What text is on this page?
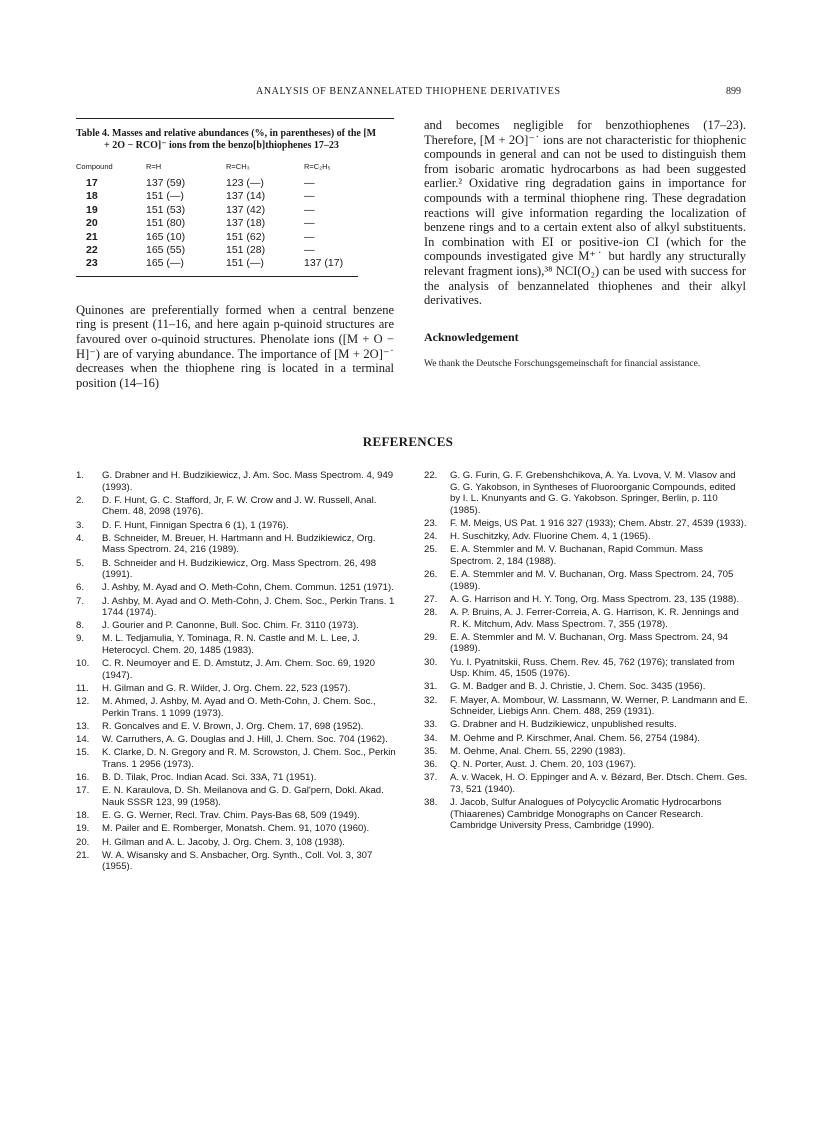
ANALYSIS OF BENZANNELATED THIOPHENE DERIVATIVES	899
Table 4. Masses and relative abundances (%, in parentheses) of the [M + 2O − RCO]⁻ ions from the benzo[b]thiophenes 17–23
Compound	R=H	R=CH₃	R=C₂H₅
17	137 (59)	123 (—)	—
18	151 (—)	137 (14)	—
19	151 (53)	137 (42)	—
20	151 (80)	137 (18)	—
21	165 (10)	151 (62)	—
22	165 (55)	151 (28)	—
23	165 (—)	151 (—)	137 (17)

Quinones are preferentially formed when a central benzene ring is present (11–16, and here again p-quinoid structures are favoured over o-quinoid structures. Phenolate ions ([M + O − H]⁻) are of varying abundance. The importance of [M + 2O]⁻˙ decreases when the thiophene ring is located in a terminal position (14–16)

and becomes negligible for benzothiophenes (17–23). Therefore, [M + 2O]⁻˙ ions are not characteristic for thiophenic compounds in general and can not be used to distinguish them from isobaric aromatic hydrocarbons as had been suggested earlier.² Oxidative ring degradation gains in importance for compounds with a terminal thiophene ring. These degradation reactions will give information regarding the localization of benzene rings and to a certain extent also of alkyl substituents. In combination with EI or positive-ion CI (which for the compounds investigated give M⁺˙ but hardly any structurally relevant fragment ions),³⁸ NCI(O₂) can be used with success for the analysis of benzannelated thiophenes and their alkyl derivatives.

Acknowledgement
We thank the Deutsche Forschungsgemeinschaft for financial assistance.
REFERENCES
1.	G. Drabner and H. Budzikiewicz, J. Am. Soc. Mass Spectrom. 4, 949 (1993).
2.	D. F. Hunt, G. C. Stafford, Jr, F. W. Crow and J. W. Russell, Anal. Chem. 48, 2098 (1976).
3.	D. F. Hunt, Finnigan Spectra 6 (1), 1 (1976).
4.	B. Schneider, M. Breuer, H. Hartmann and H. Budzikiewicz, Org. Mass Spectrom. 24, 216 (1989).
5.	B. Schneider and H. Budzikiewicz, Org. Mass Spectrom. 26, 498 (1991).
6.	J. Ashby, M. Ayad and O. Meth-Cohn, Chem. Commun. 1251 (1971).
7.	J. Ashby, M. Ayad and O. Meth-Cohn, J. Chem. Soc., Perkin Trans. 1 1744 (1974).
8.	J. Gourier and P. Canonne, Bull. Soc. Chim. Fr. 3110 (1973).
9.	M. L. Tedjamulia, Y. Tominaga, R. N. Castle and M. L. Lee, J. Heterocycl. Chem. 20, 1485 (1983).
10.	C. R. Neumoyer and E. D. Amstutz, J. Am. Chem. Soc. 69, 1920 (1947).
11.	H. Gilman and G. R. Wilder, J. Org. Chem. 22, 523 (1957).
12.	M. Ahmed, J. Ashby, M. Ayad and O. Meth-Cohn, J. Chem. Soc., Perkin Trans. 1 1099 (1973).
13.	R. Goncalves and E. V. Brown, J. Org. Chem. 17, 698 (1952).
14.	W. Carruthers, A. G. Douglas and J. Hill, J. Chem. Soc. 704 (1962).
15.	K. Clarke, D. N. Gregory and R. M. Scrowston, J. Chem. Soc., Perkin Trans. 1 2956 (1973).
16.	B. D. Tilak, Proc. Indian Acad. Sci. 33A, 71 (1951).
17.	E. N. Karaulova, D. Sh. Meilanova and G. D. Gal'pern, Dokl. Akad. Nauk SSSR 123, 99 (1958).
18.	E. G. G. Werner, Recl. Trav. Chim. Pays-Bas 68, 509 (1949).
19.	M. Pailer and E. Romberger, Monatsh. Chem. 91, 1070 (1960).
20.	H. Gilman and A. L. Jacoby, J. Org. Chem. 3, 108 (1938).
21.	W. A. Wisansky and S. Ansbacher, Org. Synth., Coll. Vol. 3, 307 (1955).
22.	G. G. Furin, G. F. Grebenshchikova, A. Ya. Lvova, V. M. Vlasov and G. G. Yakobson, in Syntheses of Fluoroorganic Compounds, edited by I. L. Knunyants and G. G. Yakobson. Springer, Berlin, p. 110 (1985).
23.	F. M. Meigs, US Pat. 1 916 327 (1933); Chem. Abstr. 27, 4539 (1933).
24.	H. Suschitzky, Adv. Fluorine Chem. 4, 1 (1965).
25.	E. A. Stemmler and M. V. Buchanan, Rapid Commun. Mass Spectrom. 2, 184 (1988).
26.	E. A. Stemmler and M. V. Buchanan, Org. Mass Spectrom. 24, 705 (1989).
27.	A. G. Harrison and H. Y. Tong, Org. Mass Spectrom. 23, 135 (1988).
28.	A. P. Bruins, A. J. Ferrer-Correia, A. G. Harrison, K. R. Jennings and R. K. Mitchum, Adv. Mass Spectrom. 7, 355 (1978).
29.	E. A. Stemmler and M. V. Buchanan, Org. Mass Spectrom. 24, 94 (1989).
30.	Yu. I. Pyatnitskii, Russ. Chem. Rev. 45, 762 (1976); translated from Usp. Khim. 45, 1505 (1976).
31.	G. M. Badger and B. J. Christie, J. Chem. Soc. 3435 (1956).
32.	F. Mayer, A. Mombour, W. Lassmann, W. Werner, P. Landmann and E. Schneider, Liebigs Ann. Chem. 488, 259 (1931).
33.	G. Drabner and H. Budzikiewicz, unpublished results.
34.	M. Oehme and P. Kirschmer, Anal. Chem. 56, 2754 (1984).
35.	M. Oehme, Anal. Chem. 55, 2290 (1983).
36.	Q. N. Porter, Aust. J. Chem. 20, 103 (1967).
37.	A. v. Wacek, H. O. Eppinger and A. v. Bézard, Ber. Dtsch. Chem. Ges. 73, 521 (1940).
38.	J. Jacob, Sulfur Analogues of Polycyclic Aromatic Hydrocarbons (Thiaarenes) Cambridge Monographs on Cancer Research. Cambridge University Press, Cambridge (1990).
